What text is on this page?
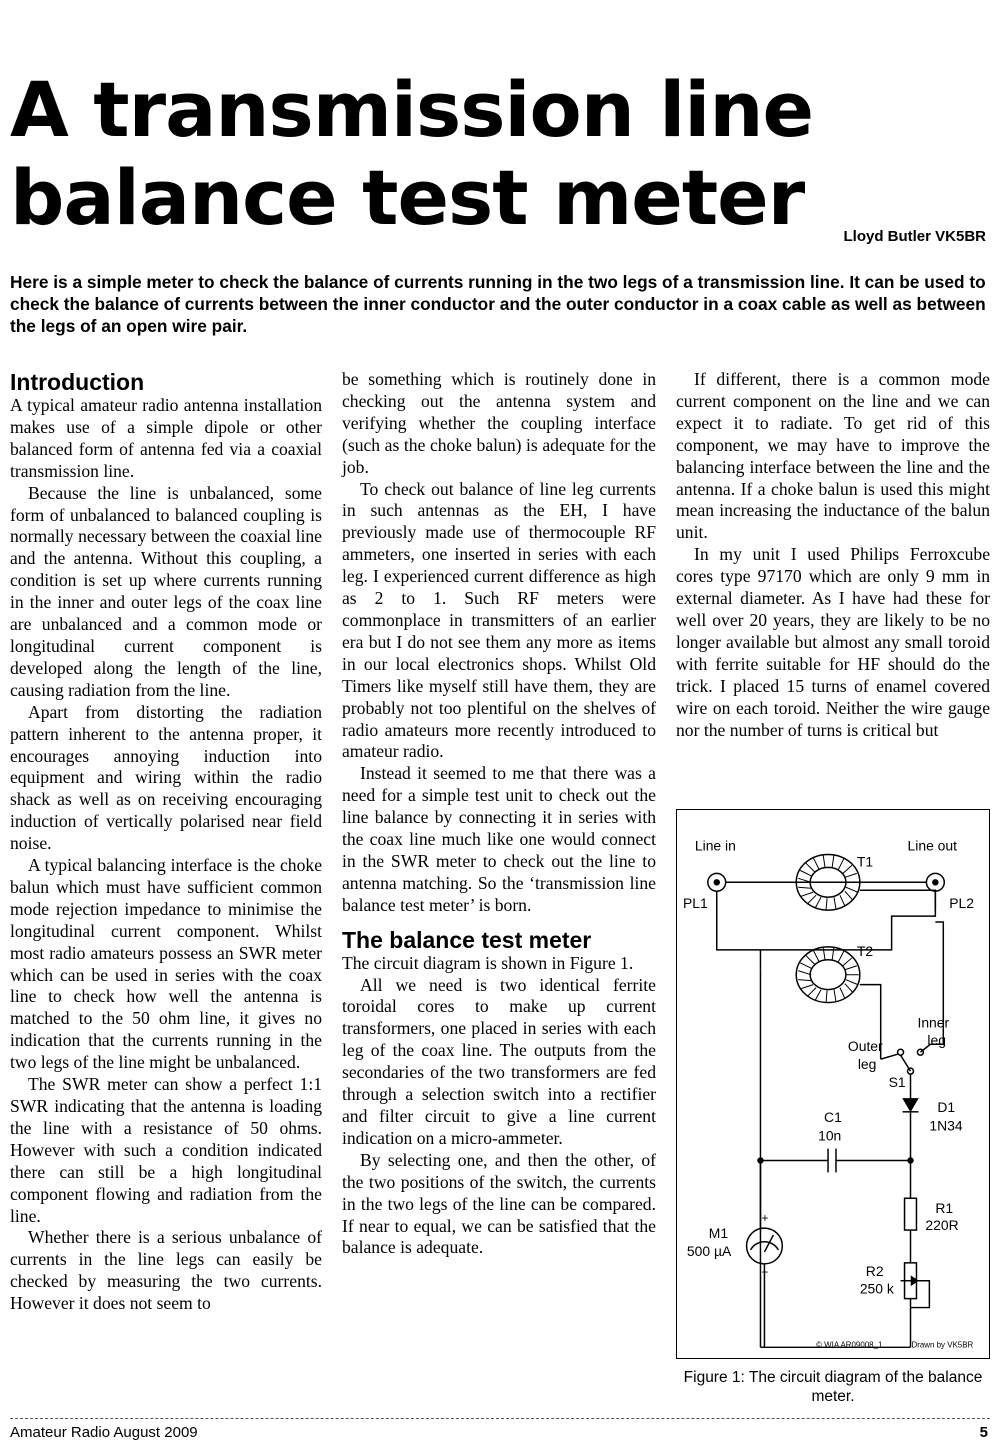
A transmission line
balance test meter	Lloyd Butler VK5BR

Here is a simple meter to check the balance of currents running in the two legs of a transmission line. It can be used to check the balance of currents between the inner conductor and the outer conductor in a coax cable as well as between the legs of an open wire pair.

Introduction

A typical amateur radio antenna installation makes use of a simple dipole or other balanced form of antenna fed via a coaxial transmission line.

Because the line is unbalanced, some form of unbalanced to balanced coupling is normally necessary between the coaxial line and the antenna. Without this coupling, a condition is set up where currents running in the inner and outer legs of the coax line are unbalanced and a common mode or longitudinal current component is developed along the length of the line, causing radiation from the line.

Apart from distorting the radiation pattern inherent to the antenna proper, it encourages annoying induction into equipment and wiring within the radio shack as well as on receiving encouraging induction of vertically polarised near field noise.

A typical balancing interface is the choke balun which must have sufficient common mode rejection impedance to minimise the longitudinal current component. Whilst most radio amateurs possess an SWR meter which can be used in series with the coax line to check how well the antenna is matched to the 50 ohm line, it gives no indication that the currents running in the two legs of the line might be unbalanced.

The SWR meter can show a perfect 1:1 SWR indicating that the antenna is loading the line with a resistance of 50 ohms. However with such a condition indicated there can still be a high longitudinal component flowing and radiation from the line.

Whether there is a serious unbalance of currents in the line legs can easily be checked by measuring the two currents. However it does not seem to

be something which is routinely done in checking out the antenna system and verifying whether the coupling interface (such as the choke balun) is adequate for the job.

To check out balance of line leg currents in such antennas as the EH, I have previously made use of thermocouple RF ammeters, one inserted in series with each leg. I experienced current difference as high as 2 to 1. Such RF meters were commonplace in transmitters of an earlier era but I do not see them any more as items in our local electronics shops. Whilst Old Timers like myself still have them, they are probably not too plentiful on the shelves of radio amateurs more recently introduced to amateur radio.

Instead it seemed to me that there was a need for a simple test unit to check out the line balance by connecting it in series with the coax line much like one would connect in the SWR meter to check out the line to antenna matching. So the ‘transmission line balance test meter’ is born.

The balance test meter

The circuit diagram is shown in Figure 1.

All we need is two identical ferrite toroidal cores to make up current transformers, one placed in series with each leg of the coax line. The outputs from the secondaries of the two transformers are fed through a selection switch into a rectifier and filter circuit to give a line current indication on a micro-ammeter.

By selecting one, and then the other, of the two positions of the switch, the currents in the two legs of the line can be compared. If near to equal, we can be satisfied that the balance is adequate.

If different, there is a common mode current component on the line and we can expect it to radiate. To get rid of this component, we may have to improve the balancing interface between the line and the antenna. If a choke balun is used this might mean increasing the inductance of the balun unit.

In my unit I used Philips Ferroxcube cores type 97170 which are only 9 mm in external diameter. As I have had these for well over 20 years, they are likely to be no longer available but almost any small toroid with ferrite suitable for HF should do the trick. I placed 15 turns of enamel covered wire on each toroid. Neither the wire gauge nor the number of turns is critical but

Line in	Line out
PL1	PL2
T1
T2
Inner
leg
Outer
leg
S1
D1
1N34
C1
10n
R1
220R
R2
250 k
M1
500 µA
+
−
© WIA AR09008_1	Drawn by VK5BR
Figure 1: The circuit diagram of the balance meter.
Amateur Radio August 2009	5
